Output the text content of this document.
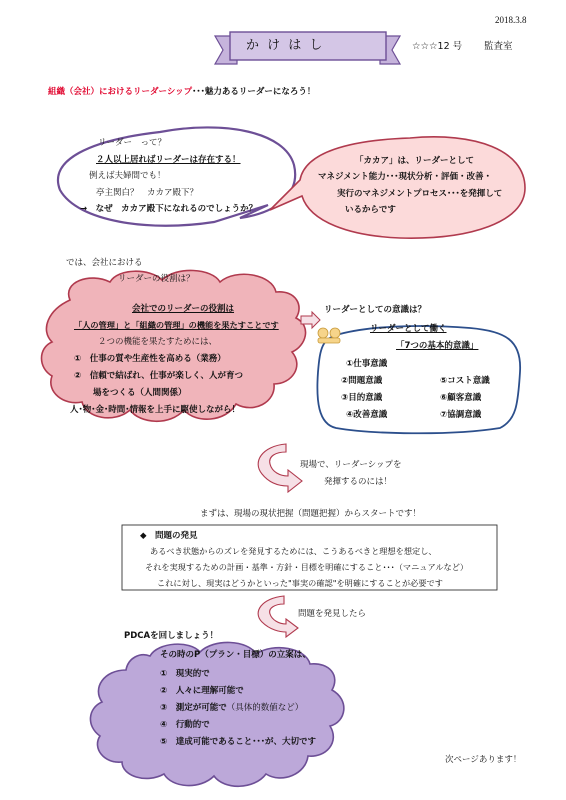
2018.3.8
か け は し	☆☆☆12 号 監査室
組織（会社）におけるリーダーシップ･･･魅力あるリーダーになろう！
リーダー　って？
２人以上居ればリーダーは存在する！
例えば夫婦間でも！
亭主関白？　カカア殿下？
→　なぜ　カカア殿下になれるのでしょうか？
「カカア」は、リーダーとして
マネジメント能力･･･現状分析・評価・改善・
実行のマネジメントプロセス･･･を発揮して
いるからです
では、会社における
リーダーの役割は？
会社でのリーダーの役割は
「人の管理」と「組織の管理」の機能を果たすことです
２つの機能を果たすためには、
①　仕事の質や生産性を高める（業務）
②　信頼で結ばれ、仕事が楽しく、人が育つ
場をつくる（人間関係）
人･物･金･時間･情報を上手に駆使しながら！
リーダーとしての意識は？
リーダーとして働く
「7つの基本的意識」
①仕事意識
②問題意識	⑤コスト意識
③目的意識	⑥顧客意識
④改善意識	⑦協調意識
現場で、リーダーシップを
発揮するのには！
まずは、現場の現状把握（問題把握）からスタートです！
◆　問題の発見
あるべき状態からのズレを発見するためには、こうあるべきと理想を想定し、
それを実現するための計画・基準・方針・目標を明確にすること･･･（マニュアルなど）
これに対し、現実はどうかといった"事実の確認"を明確にすることが必要です
問題を発見したら
PDCAを回しましょう！
その時のP（プラン・目標）の立案は、
①　現実的で
②　人々に理解可能で
③　測定が可能で（具体的数値など）
④　行動的で
⑤　達成可能であること･･･が、大切です
次ページあります！
